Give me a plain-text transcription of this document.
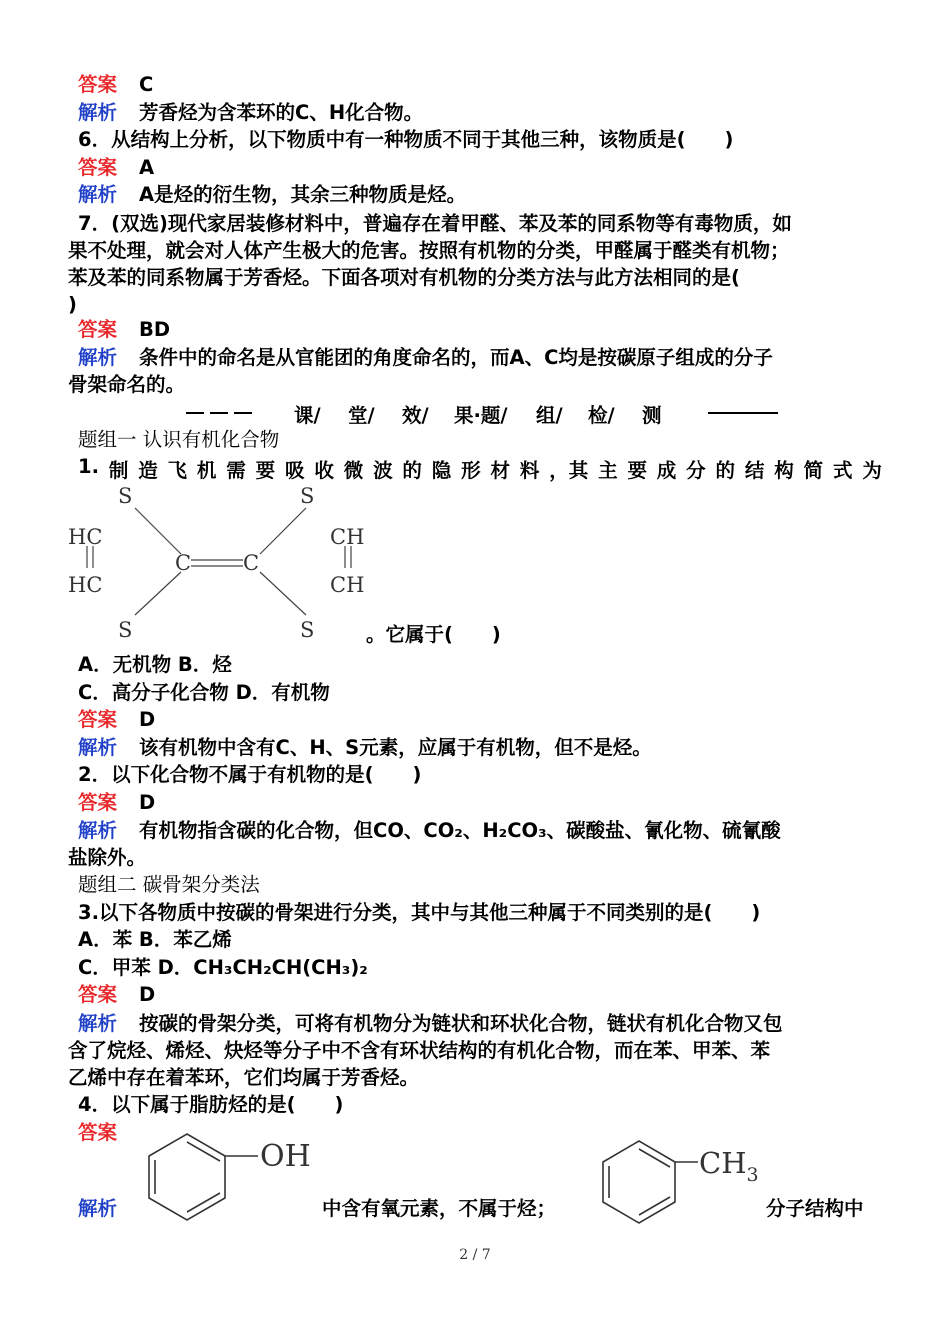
答案 C
解析 芳香烃为含苯环的C、H化合物。
6．从结构上分析，以下物质中有一种物质不同于其他三种，该物质是(　　)
答案 A
解析 A是烃的衍生物，其余三种物质是烃。
7．(双选)现代家居装修材料中，普遍存在着甲醛、苯及苯的同系物等有毒物质，如
果不处理，就会对人体产生极大的危害。按照有机物的分类，甲醛属于醛类有机物；
苯及苯的同系物属于芳香烃。下面各项对有机物的分类方法与此方法相同的是(
)
答案 BD
解析 条件中的命名是从官能团的角度命名的，而A、C均是按碳原子组成的分子
骨架命名的。
课/ 堂/ 效/ 果·题/ 组/ 检/ 测
题组一 认识有机化合物
1. 制 造 飞 机 需 要 吸 收 微 波 的 隐 形 材 料 ，其 主 要 成 分 的 结 构 简 式 为
S	S
S	S
HC
HC
CH
CH
C C
。它属于(　　)
A．无机物 B．烃
C．高分子化合物 D．有机物
答案 D
解析 该有机物中含有C、H、S元素，应属于有机物，但不是烃。
2．以下化合物不属于有机物的是(　　)
答案 D
解析 有机物指含碳的化合物，但CO、CO₂、H₂CO₃、碳酸盐、氰化物、硫氰酸
盐除外。
题组二 碳骨架分类法
3.以下各物质中按碳的骨架进行分类，其中与其他三种属于不同类别的是(　　)
A．苯 B．苯乙烯
C．甲苯 D．CH₃CH₂CH(CH₃)₂
答案 D
解析 按碳的骨架分类，可将有机物分为链状和环状化合物，链状有机化合物又包
含了烷烃、烯烃、炔烃等分子中不含有环状结构的有机化合物，而在苯、甲苯、苯
乙烯中存在着苯环，它们均属于芳香烃。
4．以下属于脂肪烃的是(　　)
答案
OH
解析	中含有氧元素，不属于烃；
$CH_3$
分子结构中
2 / 7
